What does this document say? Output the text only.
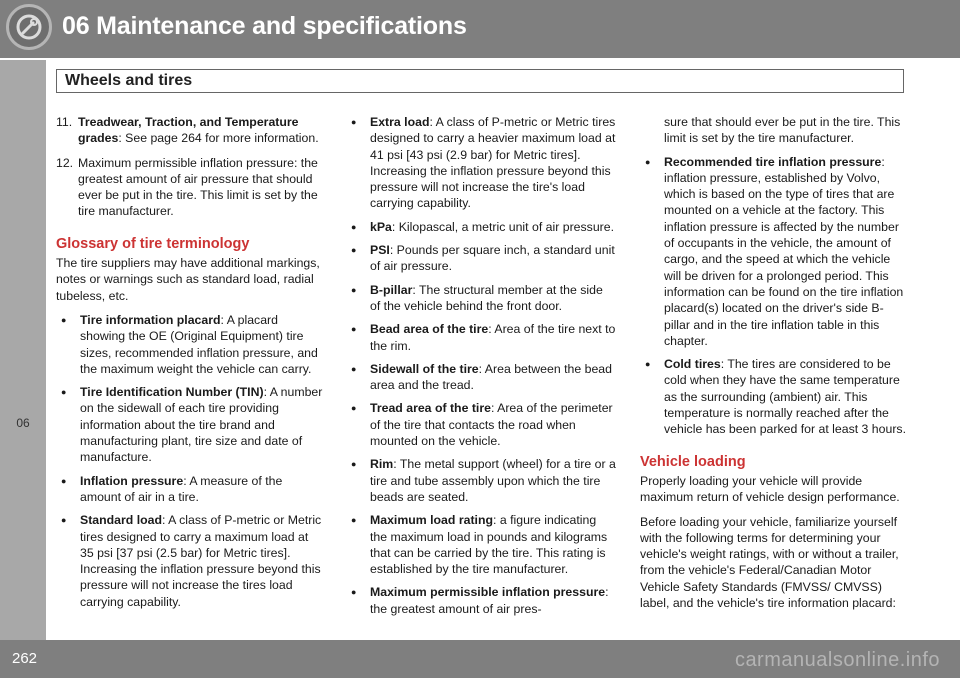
06 Maintenance and specifications
Wheels and tires
06
11. Treadwear, Traction, and Temperature grades: See page 264 for more information.
12. Maximum permissible inflation pressure: the greatest amount of air pressure that should ever be put in the tire. This limit is set by the tire manufacturer.
Glossary of tire terminology

The tire suppliers may have additional markings, notes or warnings such as standard load, radial tubeless, etc.

● Tire information placard: A placard showing the OE (Original Equipment) tire sizes, recommended inflation pressure, and the maximum weight the vehicle can carry.
● Tire Identification Number (TIN): A number on the sidewall of each tire providing information about the tire brand and manufacturing plant, tire size and date of manufacture.
● Inflation pressure: A measure of the amount of air in a tire.
● Standard load: A class of P-metric or Metric tires designed to carry a maximum load at 35 psi [37 psi (2.5 bar) for Metric tires]. Increasing the inflation pressure beyond this pressure will not increase the tires load carrying capability.
● Extra load: A class of P-metric or Metric tires designed to carry a heavier maximum load at 41 psi [43 psi (2.9 bar) for Metric tires]. Increasing the inflation pressure beyond this pressure will not increase the tire's load carrying capability.
● kPa: Kilopascal, a metric unit of air pressure.
● PSI: Pounds per square inch, a standard unit of air pressure.
● B-pillar: The structural member at the side of the vehicle behind the front door.
● Bead area of the tire: Area of the tire next to the rim.
● Sidewall of the tire: Area between the bead area and the tread.
● Tread area of the tire: Area of the perimeter of the tire that contacts the road when mounted on the vehicle.
● Rim: The metal support (wheel) for a tire or a tire and tube assembly upon which the tire beads are seated.
● Maximum load rating: a figure indicating the maximum load in pounds and kilograms that can be carried by the tire. This rating is established by the tire manufacturer.
● Maximum permissible inflation pressure: the greatest amount of air pres-

sure that should ever be put in the tire. This limit is set by the tire manufacturer.

● Recommended tire inflation pressure: inflation pressure, established by Volvo, which is based on the type of tires that are mounted on a vehicle at the factory. This inflation pressure is affected by the number of occupants in the vehicle, the amount of cargo, and the speed at which the vehicle will be driven for a prolonged period. This information can be found on the tire inflation placard(s) located on the driver's side B-pillar and in the tire inflation table in this chapter.
● Cold tires: The tires are considered to be cold when they have the same temperature as the surrounding (ambient) air. This temperature is normally reached after the vehicle has been parked for at least 3 hours.
Vehicle loading

Properly loading your vehicle will provide maximum return of vehicle design performance.

Before loading your vehicle, familiarize yourself with the following terms for determining your vehicle's weight ratings, with or without a trailer, from the vehicle's Federal/Canadian Motor Vehicle Safety Standards (FMVSS/ CMVSS) label, and the vehicle's tire information placard:

262	carmanualsonline.info
